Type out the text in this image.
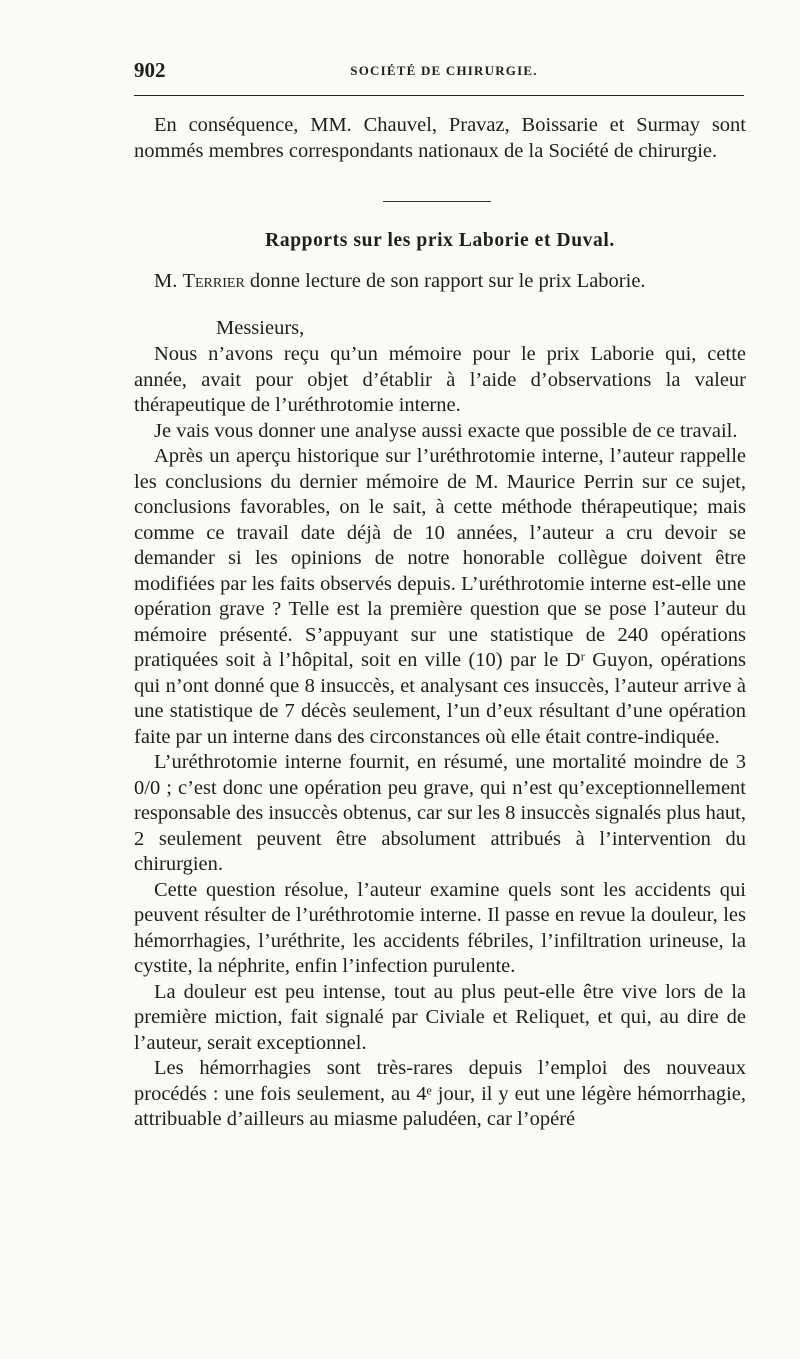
902	SOCIÉTÉ DE CHIRURGIE.

En conséquence, MM. Chauvel, Pravaz, Boissarie et Surmay sont nommés membres correspondants nationaux de la Société de chirurgie.

Rapports sur les prix Laborie et Duval.
M. Terrier donne lecture de son rapport sur le prix Laborie.
Messieurs,

Nous n’avons reçu qu’un mémoire pour le prix Laborie qui, cette année, avait pour objet d’établir à l’aide d’observations la valeur thérapeutique de l’uréthrotomie interne.

Je vais vous donner une analyse aussi exacte que possible de ce travail.

Après un aperçu historique sur l’uréthrotomie interne, l’auteur rappelle les conclusions du dernier mémoire de M. Maurice Perrin sur ce sujet, conclusions favorables, on le sait, à cette méthode thérapeutique; mais comme ce travail date déjà de 10 années, l’auteur a cru devoir se demander si les opinions de notre honorable collègue doivent être modifiées par les faits observés depuis. L’uréthrotomie interne est-elle une opération grave ? Telle est la première question que se pose l’auteur du mémoire présenté. S’appuyant sur une statistique de 240 opérations pratiquées soit à l’hôpital, soit en ville (10) par le Dʳ Guyon, opérations qui n’ont donné que 8 insuccès, et analysant ces insuccès, l’auteur arrive à une statistique de 7 décès seulement, l’un d’eux résultant d’une opération faite par un interne dans des circonstances où elle était contre-indiquée.

L’uréthrotomie interne fournit, en résumé, une mortalité moindre de 3 0/0 ; c’est donc une opération peu grave, qui n’est qu’exceptionnellement responsable des insuccès obtenus, car sur les 8 insuccès signalés plus haut, 2 seulement peuvent être absolument attribués à l’intervention du chirurgien.

Cette question résolue, l’auteur examine quels sont les accidents qui peuvent résulter de l’uréthrotomie interne. Il passe en revue la douleur, les hémorrhagies, l’uréthrite, les accidents fébriles, l’infiltration urineuse, la cystite, la néphrite, enfin l’infection purulente.

La douleur est peu intense, tout au plus peut-elle être vive lors de la première miction, fait signalé par Civiale et Reliquet, et qui, au dire de l’auteur, serait exceptionnel.

Les hémorrhagies sont très-rares depuis l’emploi des nouveaux procédés : une fois seulement, au 4ᵉ jour, il y eut une légère hémorrhagie, attribuable d’ailleurs au miasme paludéen, car l’opéré
